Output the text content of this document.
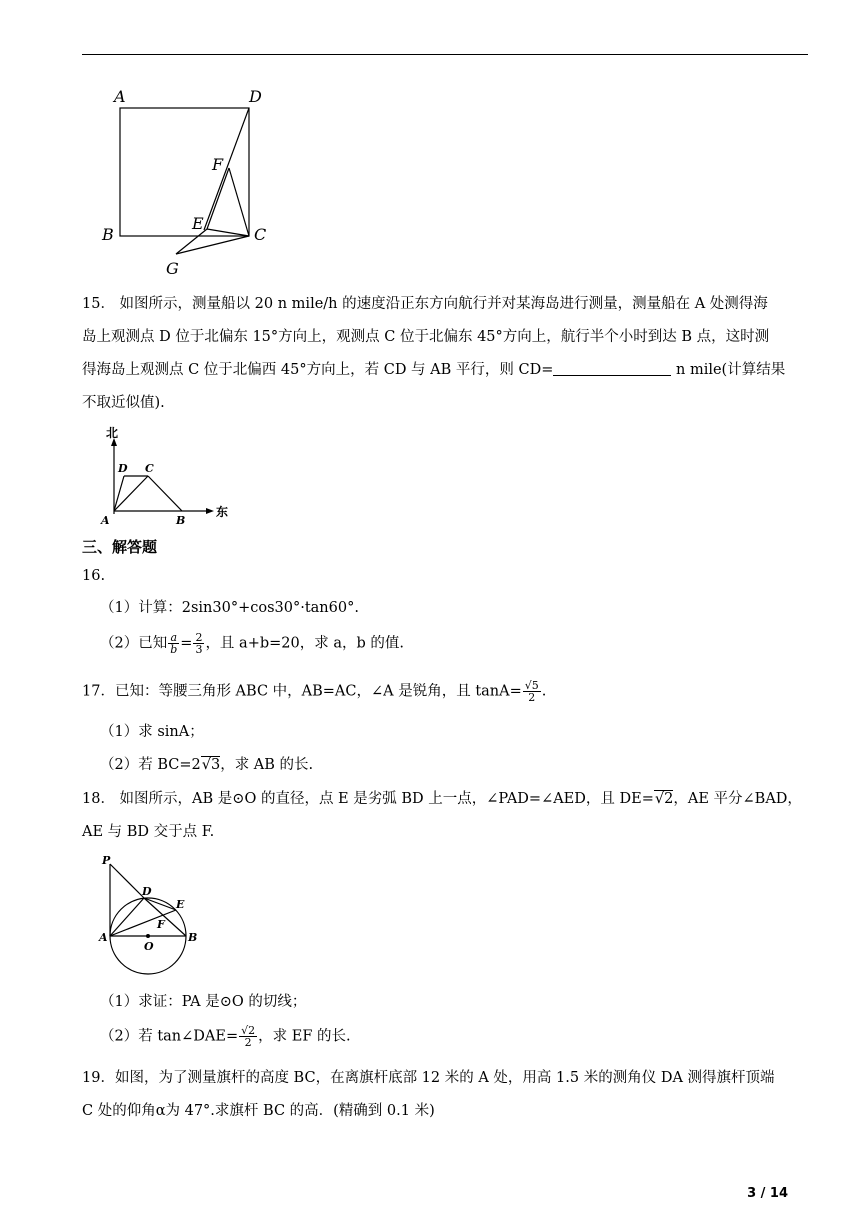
A	D
B	C
F
E
G
15． 如图所示，测量船以 20 n mile/h 的速度沿正东方向航行并对某海岛进行测量，测量船在 A 处测得海
岛上观测点 D 位于北偏东 15°方向上，观测点 C 位于北偏东 45°方向上，航行半个小时到达 B 点，这时测
得海岛上观测点 C 位于北偏西 45°方向上，若 CD 与 AB 平行，则 CD=	n mile(计算结果
不取近似值).
北
东
D C
A	B
三、解答题
16.
（1）计算：2sin30°+cos30°·tan60°.
（2）已知 $\frac{a}{b} = \frac{2}{3}$ ，且 a+b=20，求 a，b 的值.
17．已知：等腰三角形 ABC 中，AB=AC，∠A 是锐角，且 $\tan A= \frac{√5}{2}$ .
（1）求 sinA；
（2）若 BC=2√3，求 AB 的长.
18． 如图所示，AB 是⊙O 的直径，点 E 是劣弧 BD 上一点，∠PAD=∠AED，且 DE=√2，AE 平分∠BAD，
AE 与 BD 交于点 F.
P
D
E
F
A
O
B
（1）求证：PA 是⊙O 的切线；
（2）若 tan∠DAE= $\frac{√2}{2}$ ，求 EF 的长.
19．如图，为了测量旗杆的高度 BC，在离旗杆底部 12 米的 A 处，用高 1.5 米的测角仪 DA 测得旗杆顶端
C 处的仰角α为 47°.求旗杆 BC 的高．(精确到 0.1 米)
3 / 14
